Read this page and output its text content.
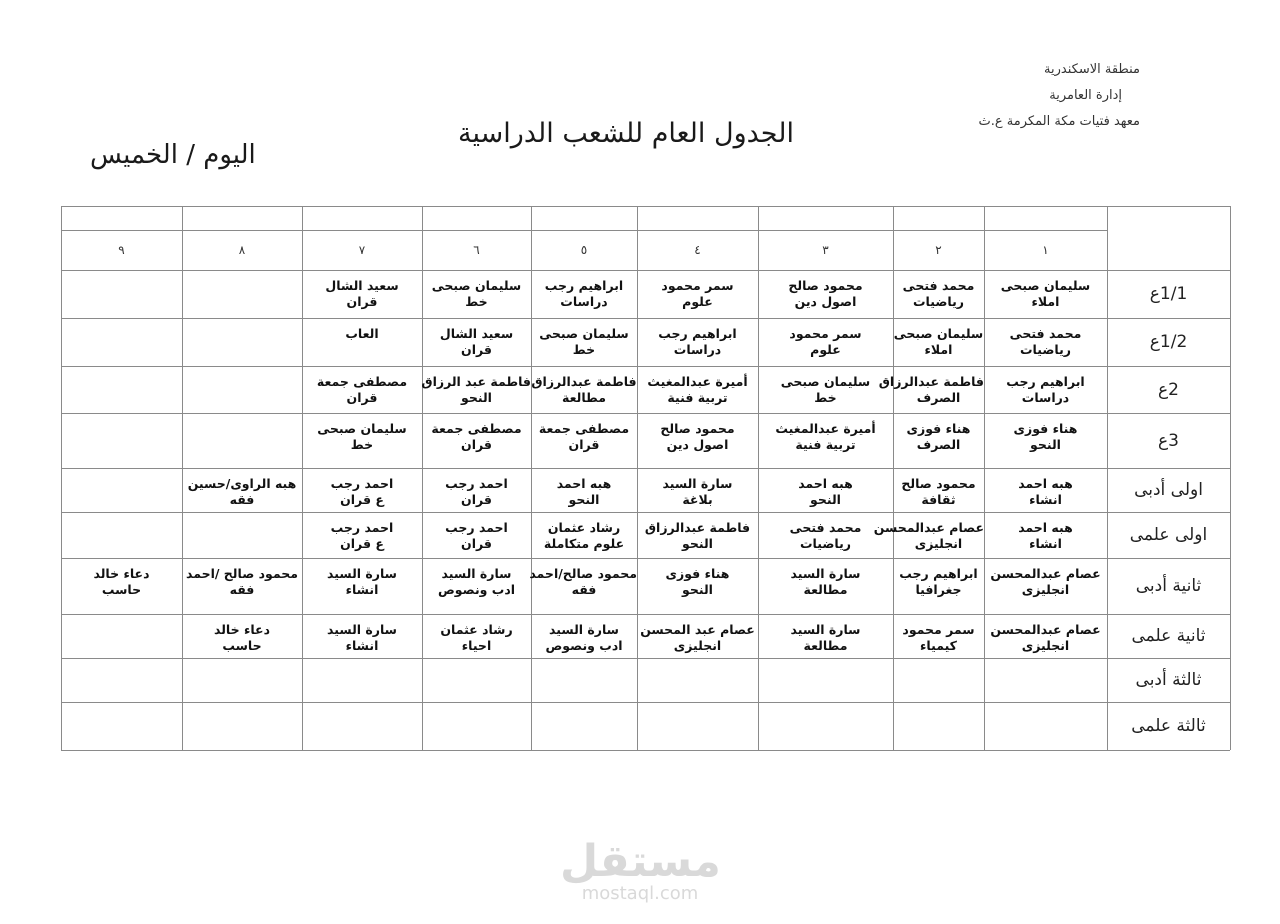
منطقة الاسكندرية
إدارة العامرية
معهد فتيات مكة المكرمة ع.ث
الجدول العام للشعب الدراسية
اليوم / الخميس
١
٢
٣
٤
٥
٦
٧
٨
٩
1/1ع
سليمان صبحى
املاء
محمد فتحى
رياضيات
محمود صالح
اصول دين
سمر محمود
علوم
ابراهيم رجب
دراسات
سليمان صبحى
خط
سعيد الشال
قران
1/2ع
محمد فتحى
رياضيات
سليمان صبحى
املاء
سمر محمود
علوم
ابراهيم رجب
دراسات
سليمان صبحى
خط
سعيد الشال
قران
العاب
2ع
ابراهيم رجب
دراسات
فاطمة عبدالرزاق
الصرف
سليمان صبحى
خط
أميرة عبدالمغيث
تربية فنية
فاطمة عبدالرزاق
مطالعة
فاطمة عبد الرزاق
النحو
مصطفى جمعة
قران
3ع
هناء فوزى
النحو
هناء فوزى
الصرف
أميرة عبدالمغيث
تربية فنية
محمود صالح
اصول دين
مصطفى جمعة
قران
مصطفى جمعة
قران
سليمان صبحى
خط
اولى أدبى
هبه احمد
انشاء
محمود صالح
ثقافة
هبه احمد
النحو
سارة السيد
بلاغة
هبه احمد
النحو
احمد رجب
قران
احمد رجب
ع قران
هبه الراوى/حسين
فقه
اولى علمى
هبه احمد
انشاء
عصام عبدالمحسن
انجليزى
محمد فتحى
رياضيات
فاطمة عبدالرزاق
النحو
رشاد عثمان
علوم متكاملة
احمد رجب
قران
احمد رجب
ع قران
ثانية أدبى
عصام عبدالمحسن
انجليزى
ابراهيم رجب
جغرافيا
سارة السيد
مطالعة
هناء فوزى
النحو
محمود صالح/احمد
فقه
سارة السيد
ادب ونصوص
سارة السيد
انشاء
محمود صالح /احمد
فقه
دعاء خالد
حاسب
ثانية علمى
عصام عبدالمحسن
انجليزى
سمر محمود
كيمياء
سارة السيد
مطالعة
عصام عبد المحسن
انجليزى
سارة السيد
ادب ونصوص
رشاد عثمان
احياء
سارة السيد
انشاء
دعاء خالد
حاسب
ثالثة أدبى
ثالثة علمى
مستقل
mostaql.com
